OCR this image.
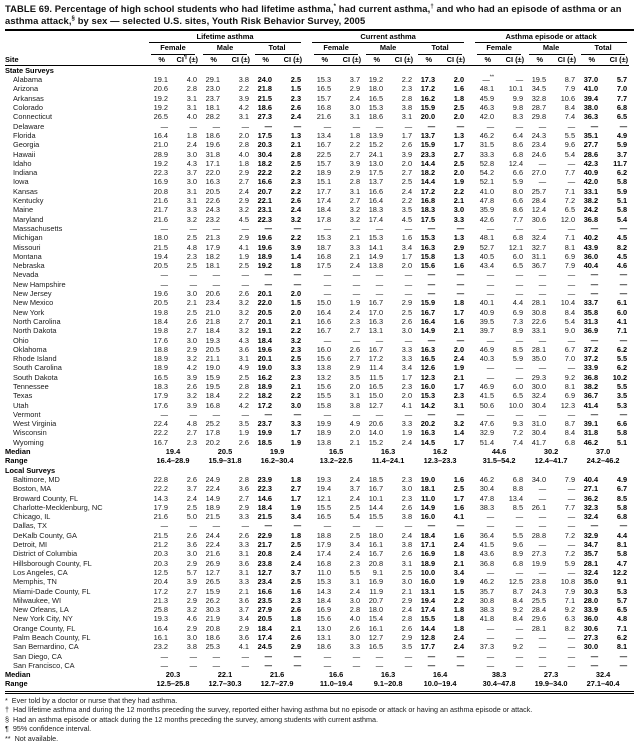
TABLE 69. Percentage of high school students who had lifetime asthma,* had current asthma,† and who had an episode of asthma or an asthma attack,§ by sex — selected U.S. sites, Youth Risk Behavior Survey, 2005

	Lifetime asthma							Current asthma							Asthma episode or attack					

	Female		Male		Total			Female		Male		Total			Female		Male		Total	

Site	%	CI¶ (±)	%	CI (±)	%	CI (±)		%	CI (±)	%	CI (±)	%	CI (±)		%	CI (±)	%	CI (±)	%	CI (±)
State Surveys																				
Alabama	19.1	4.0	29.1	3.8	24.0	2.5		15.3	3.7	19.2	2.2	17.3	2.0		—**	—	19.5	8.7	37.0	5.7
Arizona	20.6	2.8	23.0	2.2	21.8	1.5		16.5	2.9	18.0	2.3	17.2	1.6		48.1	10.1	34.5	7.9	41.0	7.0
Arkansas	19.2	3.1	23.7	3.9	21.5	2.3		15.7	2.4	16.5	2.8	16.2	1.8		45.9	9.9	32.8	10.6	39.4	7.7
Colorado	19.2	3.1	18.1	4.2	18.6	2.6		16.8	3.0	15.3	3.8	15.9	2.5		46.3	9.8	28.7	8.4	38.0	6.8
Connecticut	26.5	4.0	28.2	3.1	27.3	2.4		21.6	3.1	18.6	3.1	20.0	2.0		42.0	8.3	29.8	7.4	36.3	6.5
Delaware	—	—	—	—	—	—		—	—	—	—	—	—		—	—	—	—	—	—
Florida	16.4	1.8	18.6	2.0	17.5	1.3		13.4	1.8	13.9	1.7	13.7	1.3		46.2	6.4	24.3	5.5	35.1	4.9
Georgia	21.0	2.4	19.6	2.8	20.3	2.1		16.7	2.2	15.2	2.6	15.9	1.7		31.5	8.6	23.4	9.6	27.7	5.9
Hawaii	28.9	3.0	31.8	4.0	30.4	2.8		22.5	2.7	24.1	3.9	23.3	2.7		33.3	6.8	24.6	5.4	28.6	3.7
Idaho	19.2	4.3	17.1	1.8	18.2	2.5		15.7	3.9	13.0	2.0	14.4	2.5		52.8	12.4	—	—	42.3	11.7
Indiana	22.3	3.7	22.0	2.9	22.2	2.2		18.9	2.9	17.5	2.7	18.2	2.0		54.2	6.6	27.0	7.7	40.9	6.2
Iowa	16.9	3.0	16.3	2.7	16.6	2.3		15.1	2.8	13.7	2.5	14.4	1.9		52.1	5.9	—	—	42.0	5.8
Kansas	20.8	3.1	20.5	2.4	20.7	2.2		17.7	3.1	16.6	2.4	17.2	2.2		41.0	8.0	25.7	7.1	33.1	5.9
Kentucky	21.6	3.1	22.6	2.9	22.1	2.6		17.4	2.7	16.4	2.2	16.8	2.1		47.8	6.6	28.4	7.2	38.2	5.1
Maine	21.7	3.3	24.3	3.2	23.1	2.4		18.4	3.2	18.3	3.5	18.3	3.0		35.9	8.6	12.4	6.5	24.2	5.8
Maryland	21.6	3.2	23.2	4.5	22.3	3.2		17.8	3.2	17.4	4.5	17.5	3.3		42.6	7.7	30.6	12.0	36.8	5.4
Massachusetts	—	—	—	—	—	—		—	—	—	—	—	—		—	—	—	—	—	—
Michigan	18.0	2.5	21.3	2.9	19.6	2.2		15.3	2.1	15.3	1.6	15.3	1.3		48.1	6.8	32.4	7.1	40.2	4.5
Missouri	21.5	4.8	17.9	4.1	19.6	3.9		18.7	3.3	14.1	3.4	16.3	2.9		52.7	12.1	32.7	8.1	43.9	8.2
Montana	19.4	2.3	18.2	1.9	18.9	1.4		16.8	2.1	14.9	1.7	15.8	1.3		40.5	6.0	31.1	6.9	36.0	4.5
Nebraska	20.5	2.5	18.1	2.5	19.2	1.8		17.5	2.4	13.8	2.0	15.6	1.6		43.4	6.5	36.7	7.9	40.4	4.6
Nevada	—	—	—	—	—	—		—	—	—	—	—	—		—	—	—	—	—	—
New Hampshire	—	—	—	—	—	—		—	—	—	—	—	—		—	—	—	—	—	—
New Jersey	19.6	3.0	20.6	2.6	20.1	2.0		—	—	—	—	—	—		—	—	—	—	—	—
New Mexico	20.5	2.1	23.4	3.2	22.0	1.5		15.0	1.9	16.7	2.9	15.9	1.8		40.1	4.4	28.1	10.4	33.7	6.1
New York	19.8	2.5	21.0	3.2	20.5	2.0		16.4	2.4	17.0	2.5	16.7	1.7		40.9	6.9	30.8	8.4	35.8	6.0
North Carolina	18.4	2.6	21.8	2.7	20.1	2.1		16.6	2.3	16.3	2.6	16.4	1.6		39.5	7.3	22.6	5.4	31.3	4.1
North Dakota	19.8	2.7	18.4	3.2	19.1	2.2		16.7	2.7	13.1	3.0	14.9	2.1		39.7	8.9	33.1	9.0	36.9	7.1
Ohio	17.6	3.0	19.3	4.3	18.4	3.2		—	—	—	—	—	—		—	—	—	—	—	—
Oklahoma	18.8	2.9	20.5	3.6	19.6	2.3		16.0	2.6	16.7	3.3	16.3	2.0		46.9	8.5	28.1	6.7	37.2	6.2
Rhode Island	18.9	3.2	21.1	3.1	20.1	2.5		15.6	2.7	17.2	3.3	16.5	2.4		40.3	5.9	35.0	7.0	37.2	5.5
South Carolina	18.9	4.2	19.0	4.9	19.0	3.3		13.8	2.9	11.4	3.4	12.6	1.9		—	—	—	—	33.9	6.2
South Dakota	16.5	3.9	15.9	2.5	16.2	2.3		13.2	3.5	11.5	1.7	12.3	2.1		—	—	29.3	9.2	36.8	10.2
Tennessee	18.3	2.6	19.5	2.8	18.9	2.1		15.6	2.0	16.5	2.3	16.0	1.7		46.9	6.0	30.0	8.1	38.2	5.5
Texas	17.9	3.2	18.4	2.2	18.2	2.2		15.5	3.1	15.0	2.0	15.3	2.3		41.5	6.5	32.4	6.9	36.7	3.5
Utah	17.6	3.9	16.8	4.2	17.2	3.0		15.8	3.8	12.7	4.1	14.2	3.1		50.6	10.0	30.4	12.3	41.4	5.3
Vermont	—	—	—	—	—	—		—	—	—	—	—	—		—	—	—	—	—	—
West Virginia	22.4	4.8	25.2	3.5	23.7	3.3		19.9	4.9	20.6	3.3	20.2	3.2		47.6	9.3	31.0	8.7	39.1	6.6
Wisconsin	22.2	2.7	17.8	1.9	19.9	1.7		18.9	2.0	14.0	1.9	16.3	1.4		32.9	7.2	30.4	8.4	31.8	5.8
Wyoming	16.7	2.3	20.2	2.6	18.5	1.9		13.8	2.1	15.2	2.4	14.5	1.7		51.4	7.4	41.7	6.8	46.2	5.1
Median	19.4		20.5		19.9			16.5		16.3		16.2			44.6		30.2		37.0	
Range	16.4–28.9		15.9–31.8		16.2–30.4			13.2–22.5		11.4–24.1		12.3–23.3			31.5–54.2		12.4–41.7		24.2–46.2	
Local Surveys																				
Baltimore, MD	22.8	2.6	24.9	2.8	23.9	1.8		19.3	2.4	18.5	2.3	19.0	1.6		46.2	6.8	34.0	7.9	40.4	4.9
Boston, MA	22.2	3.7	22.4	3.6	22.3	2.7		19.4	3.7	16.7	3.0	18.1	2.5		30.4	8.8	—	—	27.1	6.7
Broward County, FL	14.3	2.4	14.9	2.7	14.6	1.7		12.1	2.4	10.1	2.3	11.0	1.7		47.8	13.4	—	—	36.2	8.5
Charlotte-Mecklenburg, NC	17.9	2.5	18.9	2.9	18.4	1.9		15.5	2.5	14.4	2.6	14.9	1.6		38.3	8.5	26.1	7.7	32.3	5.8
Chicago, IL	21.6	5.0	21.5	3.3	21.5	3.4		16.5	5.4	15.5	3.8	16.0	4.1		—	—	—	—	32.4	6.8
Dallas, TX	—	—	—	—	—	—		—	—	—	—	—	—		—	—	—	—	—	—
DeKalb County, GA	21.5	2.6	24.4	2.6	22.9	1.8		18.8	2.5	18.0	2.4	18.4	1.6		36.4	5.5	28.8	7.2	32.9	4.4
Detroit, MI	21.2	3.6	22.4	3.3	21.7	2.5		17.9	3.4	16.1	3.8	17.1	2.4		41.5	9.6	—	—	34.7	8.1
District of Columbia	20.3	3.0	21.6	3.1	20.8	2.4		17.4	2.4	16.7	2.6	16.9	1.8		43.6	8.9	27.3	7.2	35.7	5.8
Hillsborough County, FL	20.3	2.9	26.9	3.6	23.8	2.4		16.8	2.3	20.8	3.1	18.9	2.1		36.8	6.8	19.9	5.9	28.1	4.7
Los Angeles, CA	12.5	5.7	12.7	3.1	12.7	3.7		11.0	5.5	9.1	2.5	10.0	3.4		—	—	—	—	32.4	12.2
Memphis, TN	20.4	3.9	26.5	3.3	23.4	2.5		15.3	3.1	16.9	3.0	16.0	1.9		46.2	12.5	23.8	10.8	35.0	9.1
Miami-Dade County, FL	17.2	2.7	15.9	2.1	16.6	1.6		14.3	2.4	11.9	2.1	13.1	1.5		35.7	8.7	24.3	7.9	30.3	5.3
Milwaukee, WI	21.3	2.9	26.2	3.6	23.5	2.3		18.4	3.0	20.7	2.9	19.4	2.2		30.8	8.4	25.5	7.1	28.0	5.7
New Orleans, LA	25.8	3.2	30.3	3.7	27.9	2.6		16.9	2.8	18.0	2.4	17.4	1.8		38.3	9.2	28.4	9.2	33.9	6.5
New York City, NY	19.3	4.6	21.9	3.4	20.5	1.8		15.6	4.0	15.4	2.8	15.5	1.8		41.8	8.4	29.6	6.3	36.0	4.8
Orange County, FL	16.4	2.9	20.8	2.9	18.4	2.1		13.0	2.6	16.1	2.6	14.4	1.8		—	—	28.1	8.2	30.6	7.1
Palm Beach County, FL	16.1	3.0	18.6	3.6	17.4	2.6		13.1	3.0	12.7	2.9	12.8	2.4		—	—	—	—	27.3	6.2
San Bernardino, CA	23.2	3.8	25.3	4.1	24.5	2.9		18.6	3.3	16.5	3.5	17.7	2.4		37.3	9.2	—	—	30.0	8.1
San Diego, CA	—	—	—	—	—	—		—	—	—	—	—	—		—	—	—	—	—	—
San Francisco, CA	—	—	—	—	—	—		—	—	—	—	—	—		—	—	—	—	—	—
Median	20.3		22.1		21.6			16.6		16.3		16.4			38.3		27.3		32.4	
Range	12.5–25.8		12.7–30.3		12.7–27.9			11.0–19.4		9.1–20.8		10.0–19.4			30.4–47.8		19.9–34.0		27.1–40.4	
* Ever told by a doctor or nurse that they had asthma.
† Had lifetime asthma and during the 12 months preceding the survey, reported either having asthma but no episode or attack or having an asthma episode or attack.
§ Had an asthma episode or attack during the 12 months preceding the survey, among students with current asthma.
¶ 95% confidence interval.
** Not available.
